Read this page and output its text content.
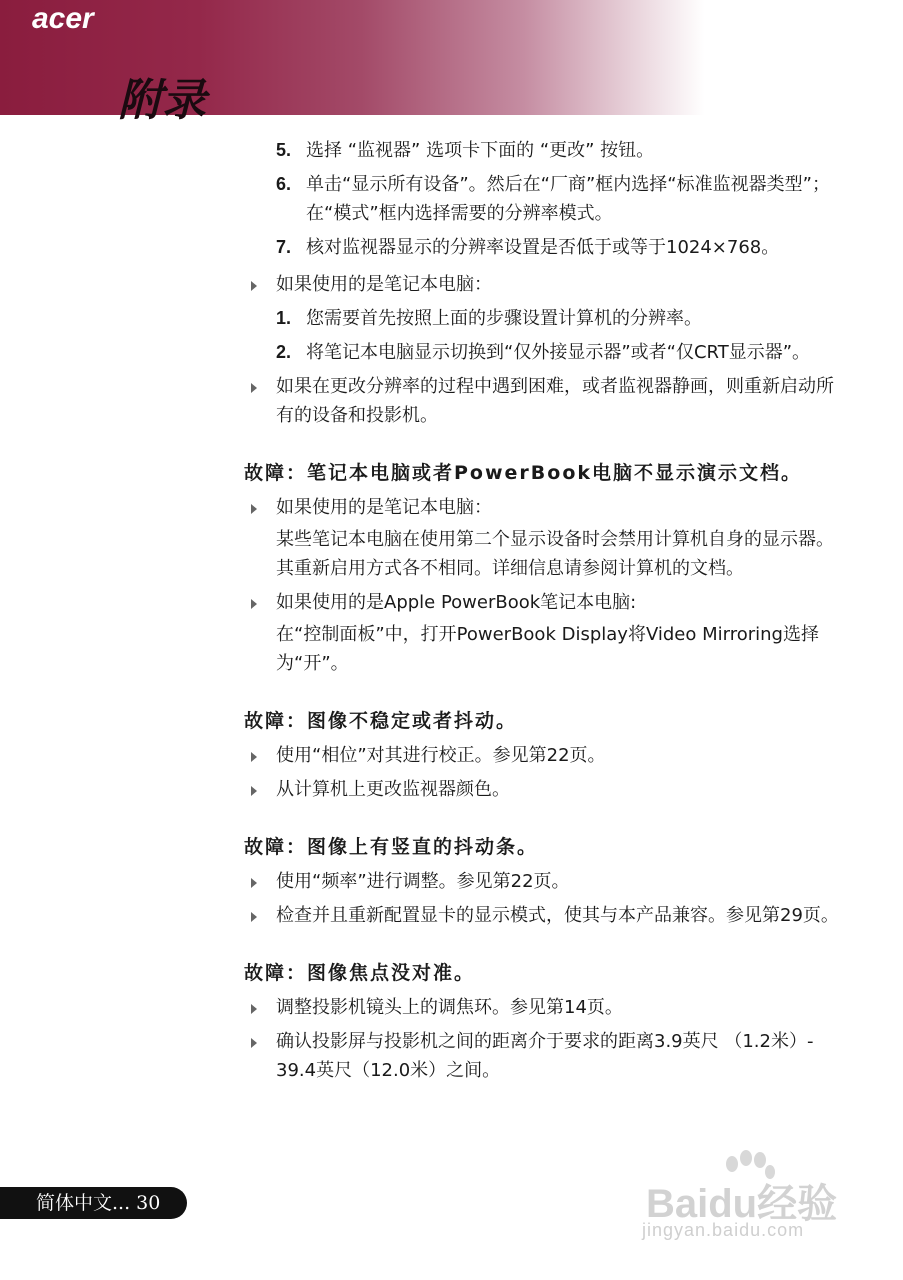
acer
附录
5. 选择 “监视器” 选项卡下面的 “更改” 按钮。
6. 单击“显示所有设备”。然后在“厂商”框内选择“标准监视器类型”；在“模式”框内选择需要的分辨率模式。
7. 核对监视器显示的分辨率设置是否低于或等于1024×768。
如果使用的是笔记本电脑：
1. 您需要首先按照上面的步骤设置计算机的分辨率。
2. 将笔记本电脑显示切换到“仅外接显示器”或者“仅CRT显示器”。
如果在更改分辨率的过程中遇到困难，或者监视器静画，则重新启动所有的设备和投影机。
故障：笔记本电脑或者PowerBook电脑不显示演示文档。
如果使用的是笔记本电脑：
某些笔记本电脑在使用第二个显示设备时会禁用计算机自身的显示器。其重新启用方式各不相同。详细信息请参阅计算机的文档。
如果使用的是Apple PowerBook笔记本电脑:
在“控制面板”中，打开PowerBook Display将Video Mirroring选择为“开”。
故障：图像不稳定或者抖动。
使用“相位”对其进行校正。参见第22页。
从计算机上更改监视器颜色。
故障：图像上有竖直的抖动条。
使用“频率”进行调整。参见第22页。
检查并且重新配置显卡的显示模式，使其与本产品兼容。参见第29页。
故障：图像焦点没对准。
调整投影机镜头上的调焦环。参见第14页。
确认投影屏与投影机之间的距离介于要求的距离3.9英尺 （1.2米）- 39.4英尺（12.0米）之间。
简体中文... 30	Baidu经验
jingyan.baidu.com
